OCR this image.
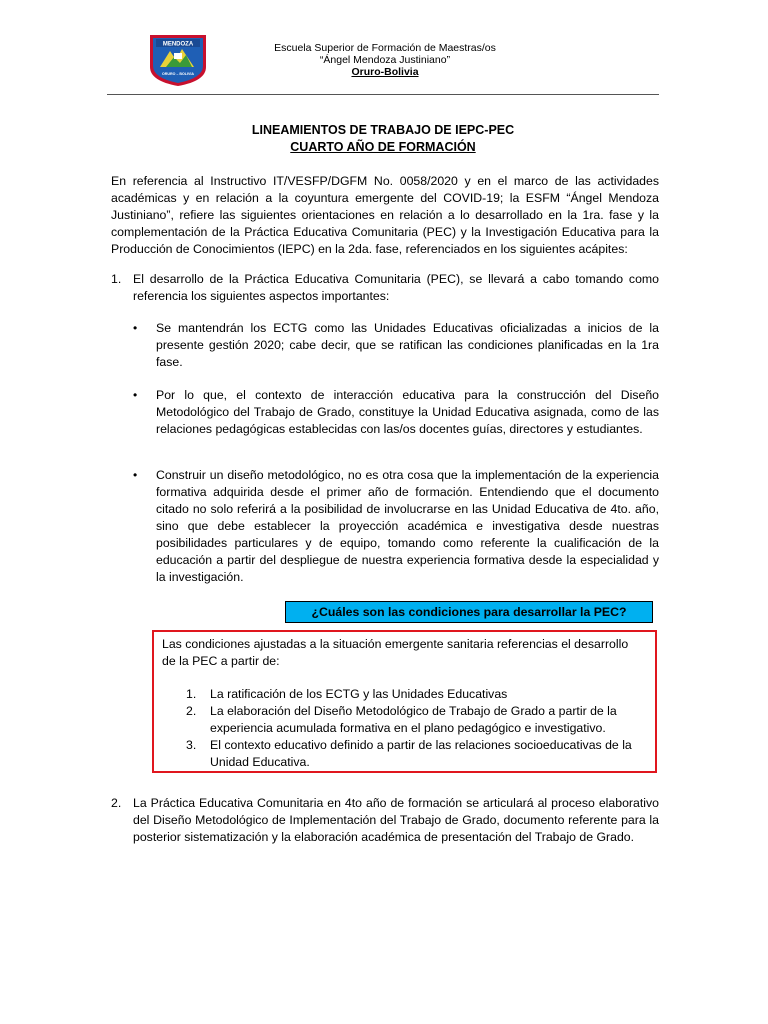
MENDOZA
ORURO – BOLIVIA
Escuela Superior de Formación de Maestras/os
“Ángel Mendoza Justiniano”
Oruro-Bolivia
LINEAMIENTOS DE TRABAJO DE IEPC-PEC
CUARTO AÑO DE FORMACIÓN
En referencia al Instructivo IT/VESFP/DGFM No. 0058/2020 y en el marco de las actividades académicas y en relación a la coyuntura emergente del COVID-19; la ESFM “Ángel Mendoza Justiniano”, refiere las siguientes orientaciones en relación a lo desarrollado en la 1ra. fase y la complementación de la Práctica Educativa Comunitaria (PEC) y la Investigación Educativa para la Producción de Conocimientos (IEPC) en la 2da. fase, referenciados en los siguientes acápites:
1. El desarrollo de la Práctica Educativa Comunitaria (PEC), se llevará a cabo tomando como referencia los siguientes aspectos importantes:
• Se mantendrán los ECTG como las Unidades Educativas oficializadas a inicios de la presente gestión 2020; cabe decir, que se ratifican las condiciones planificadas en la 1ra fase.
• Por lo que, el contexto de interacción educativa para la construcción del Diseño Metodológico del Trabajo de Grado, constituye la Unidad Educativa asignada, como de las relaciones pedagógicas establecidas con las/os docentes guías, directores y estudiantes.
• Construir un diseño metodológico, no es otra cosa que la implementación de la experiencia formativa adquirida desde el primer año de formación. Entendiendo que el documento citado no solo referirá a la posibilidad de involucrarse en las Unidad Educativa de 4to. año, sino que debe establecer la proyección académica e investigativa desde nuestras posibilidades particulares y de equipo, tomando como referente la cualificación de la educación a partir del despliegue de nuestra experiencia formativa desde la especialidad y la investigación.
¿Cuáles son las condiciones para desarrollar la PEC?
Las condiciones ajustadas a la situación emergente sanitaria referencias el desarrollo de la PEC a partir de:
1. La ratificación de los ECTG y las Unidades Educativas
2. La elaboración del Diseño Metodológico de Trabajo de Grado a partir de la experiencia acumulada formativa en el plano pedagógico e investigativo.
3. El contexto educativo definido a partir de las relaciones socioeducativas de la Unidad Educativa.
2. La Práctica Educativa Comunitaria en 4to año de formación se articulará al proceso elaborativo del Diseño Metodológico de Implementación del Trabajo de Grado, documento referente para la posterior sistematización y la elaboración académica de presentación del Trabajo de Grado.
